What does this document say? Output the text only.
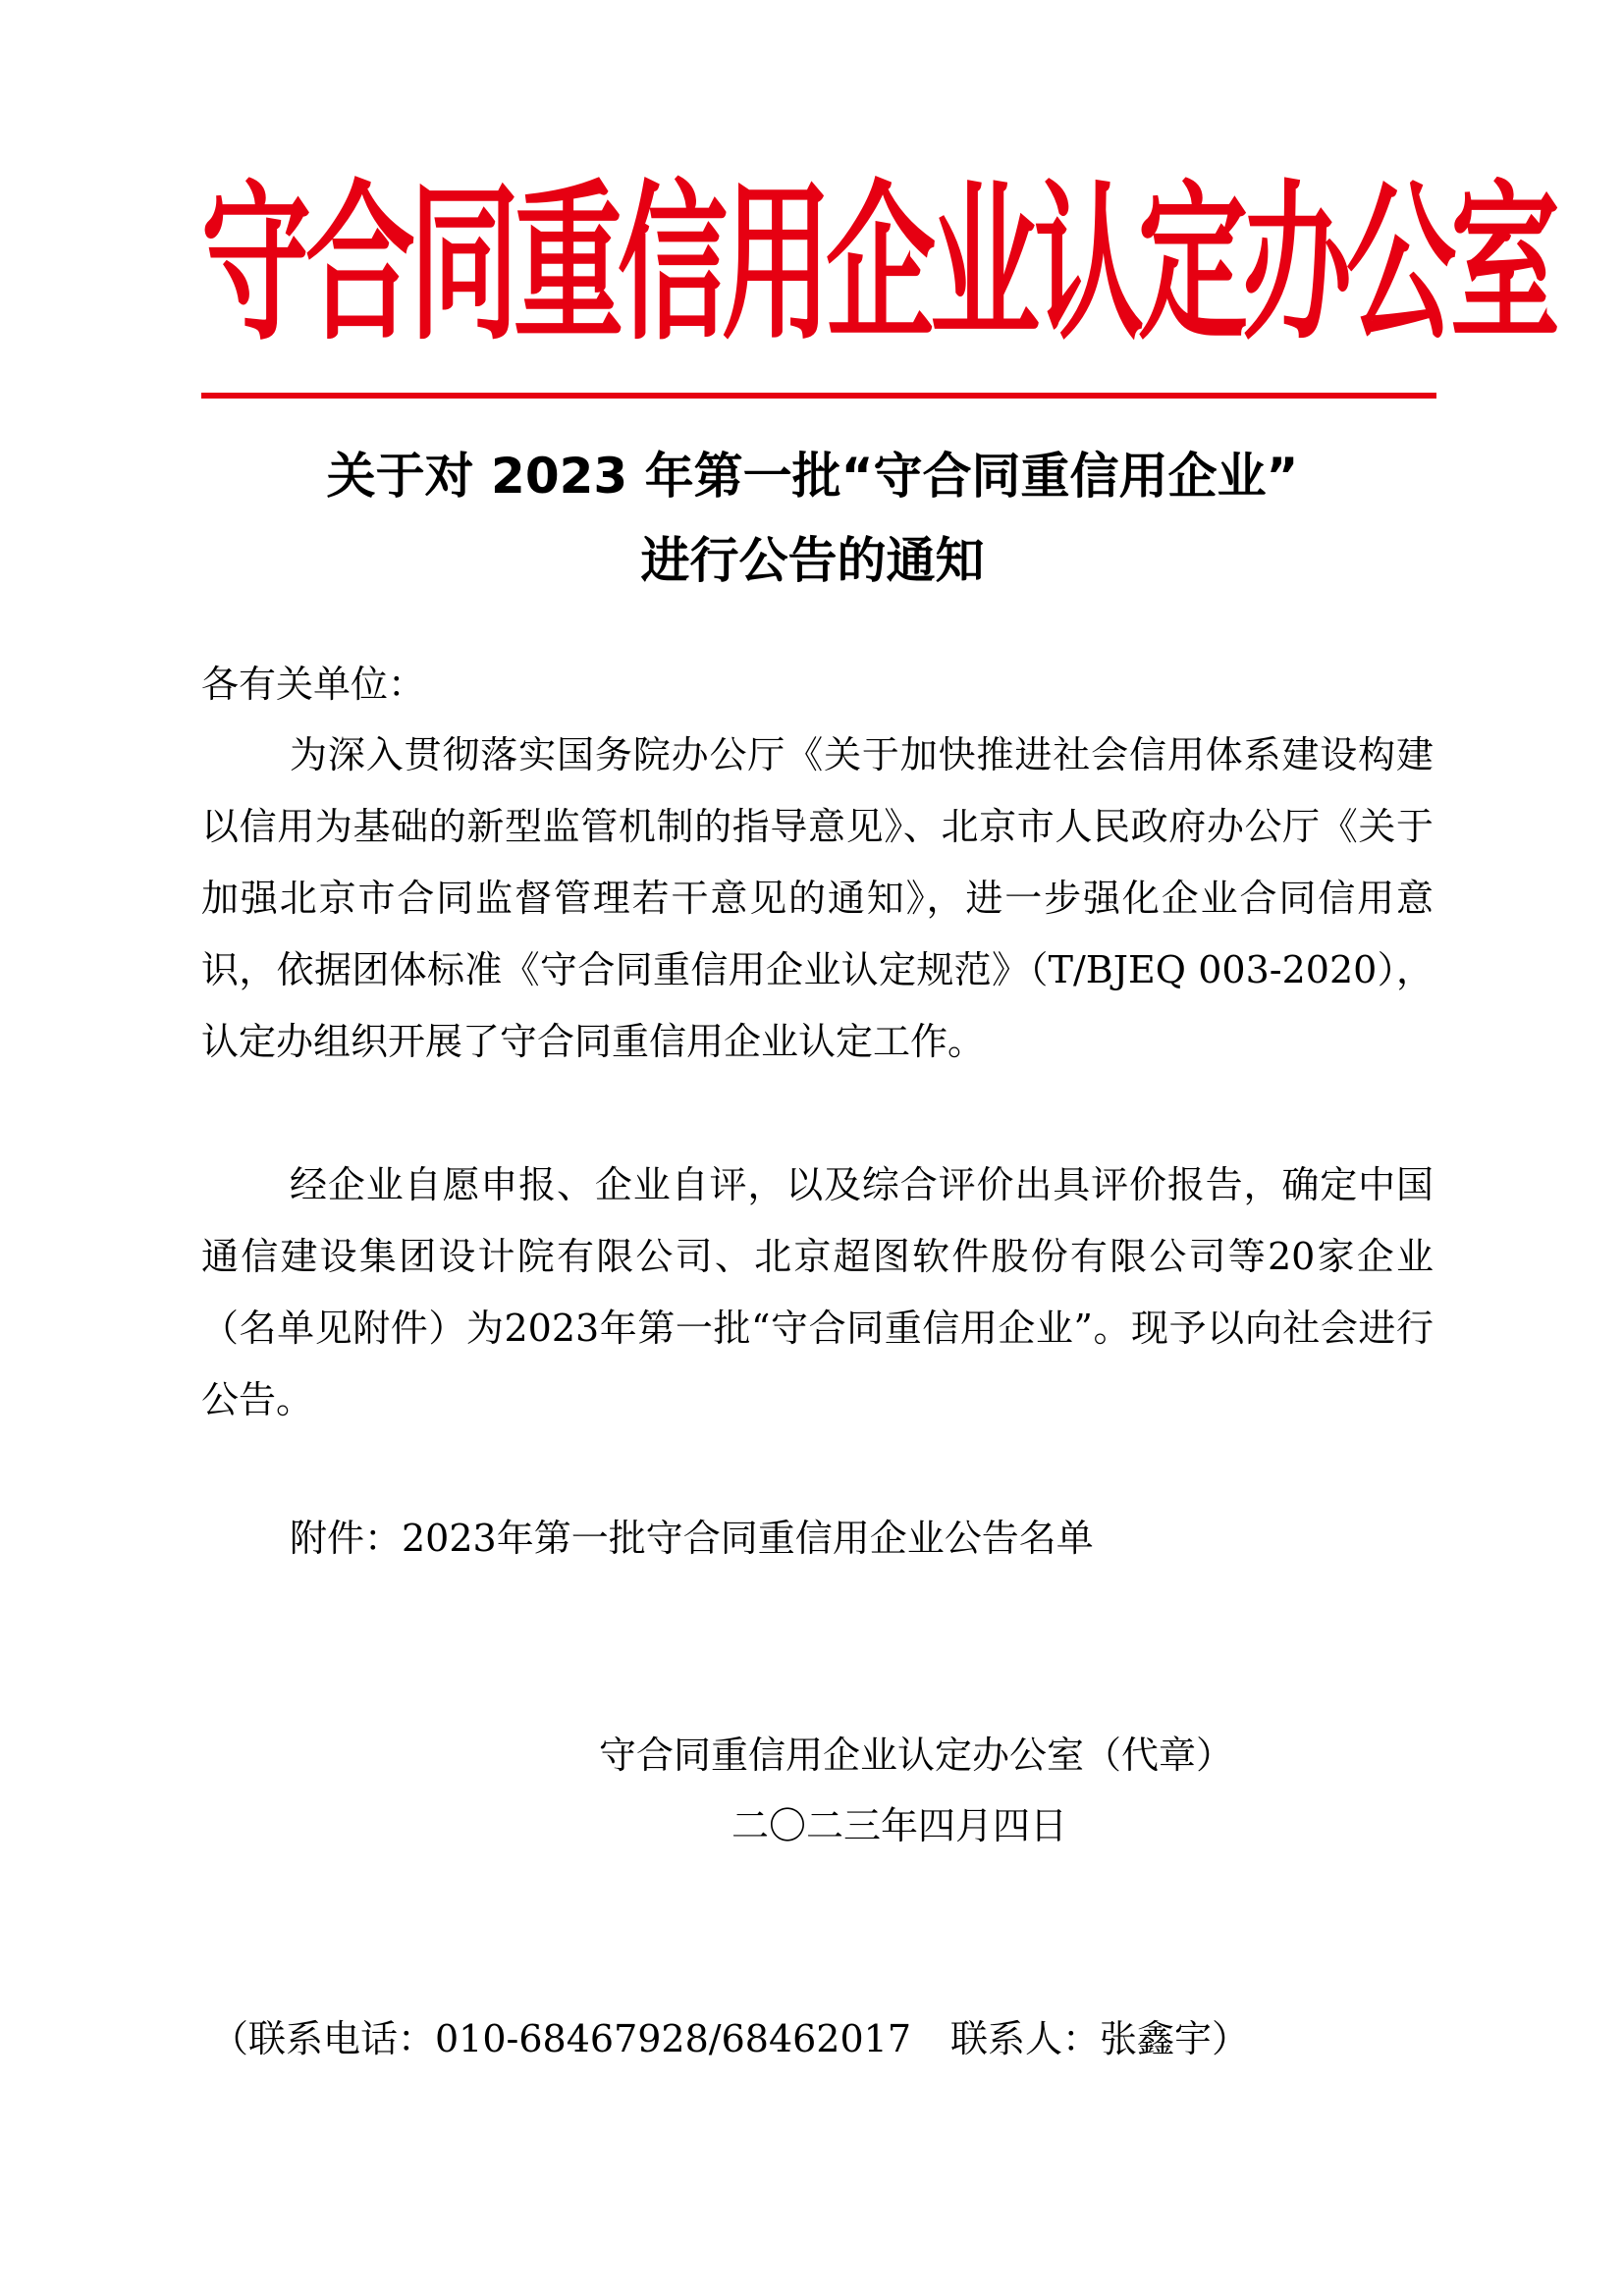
守合同重信用企业认定办公室
关于对 2023 年第一批“守合同重信用企业”
进行公告的通知
各有关单位：

为深入贯彻落实国务院办公厅《关于加快推进社会信用体系建设构建以信用为基础的新型监管机制的指导意见》、北京市人民政府办公厅《关于加强北京市合同监督管理若干意见的通知》，进一步强化企业合同信用意识，依据团体标准《守合同重信用企业认定规范》（T/BJEQ 003-2020），认定办组织开展了守合同重信用企业认定工作。

经企业自愿申报、企业自评，以及综合评价出具评价报告，确定中国通信建设集团设计院有限公司、北京超图软件股份有限公司等20家企业（名单见附件）为2023年第一批“守合同重信用企业”。现予以向社会进行公告。

附件：2023年第一批守合同重信用企业公告名单
守合同重信用企业认定办公室（代章）
二〇二三年四月四日
（联系电话：010-68467928/68462017 联系人：张鑫宇）
